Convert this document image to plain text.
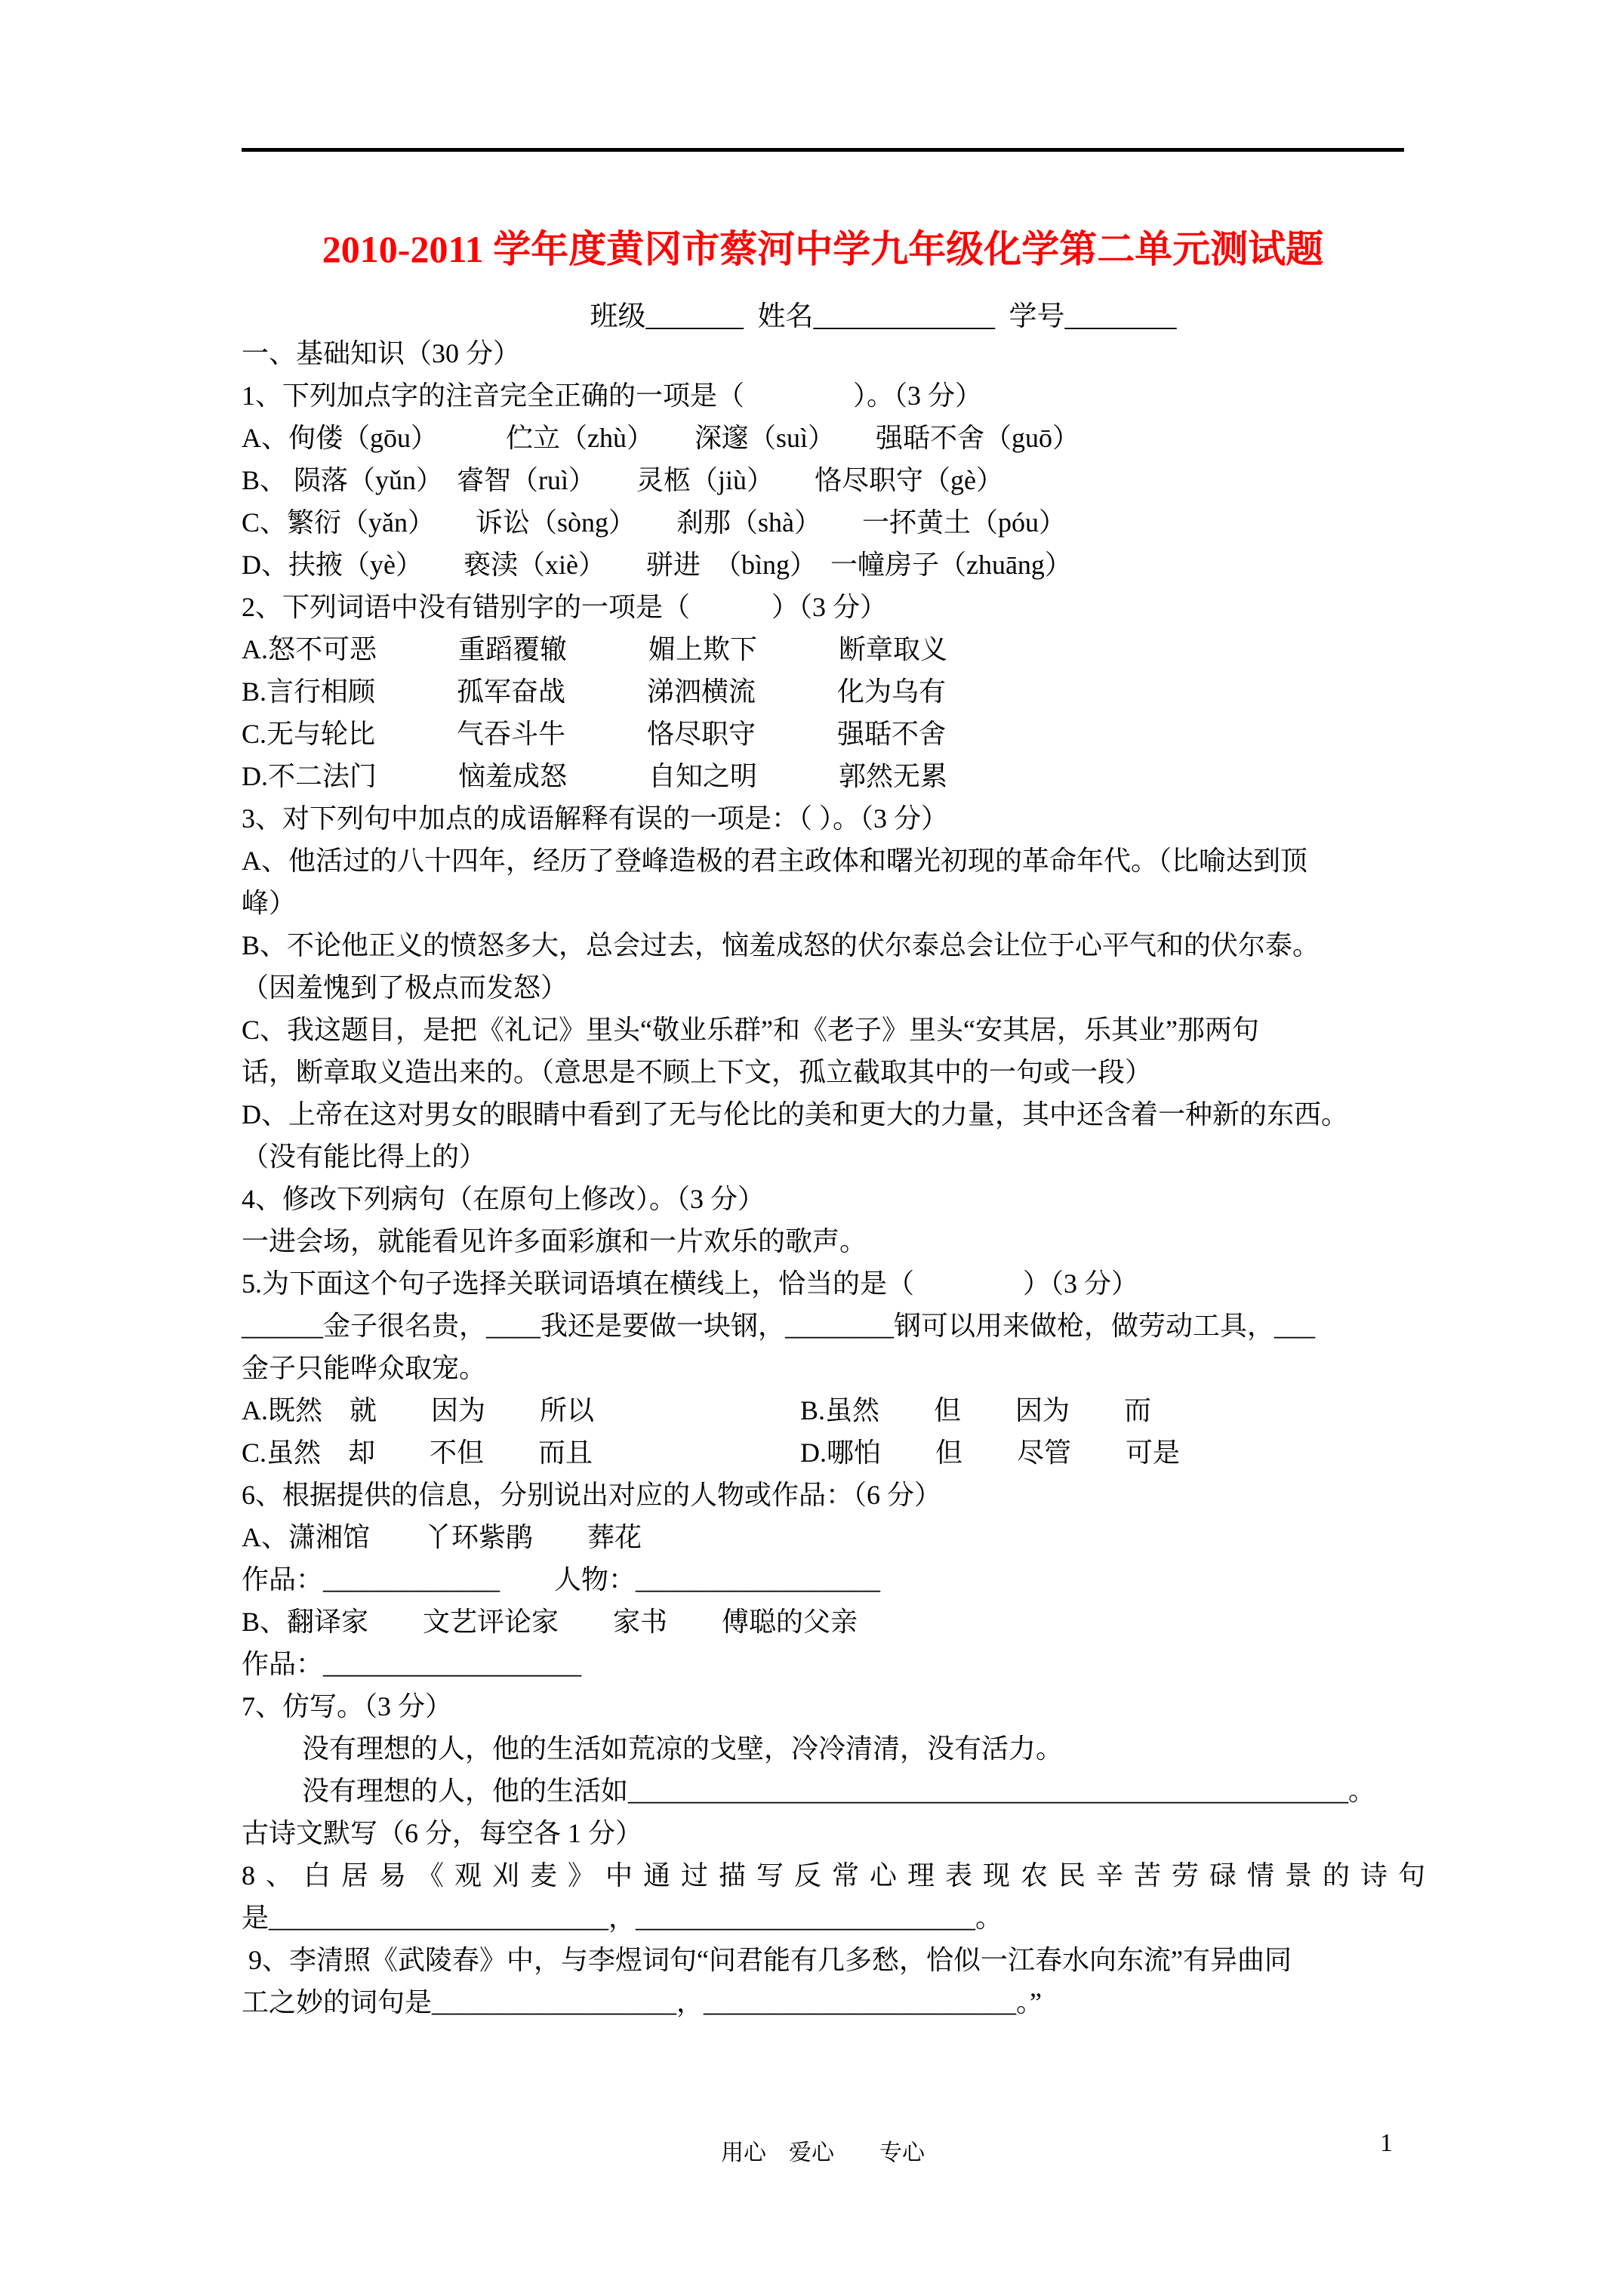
2010-2011 学年度黄冈市蔡河中学九年级化学第二单元测试题
班级_______  姓名_____________  学号________
一、基础知识（30 分）
1、下列加点字的注音完全正确的一项是（　　　　）。（3 分）
A、佝偻（gōu）　　　伫立（zhù）　　深邃（suì）　　强聒不舍（guō）
B、 陨落（yǔn）　睿智（ruì）　　灵柩（jiù）　　恪尽职守（gè）
C、繁衍（yǎn）　　诉讼（sòng）　　刹那（shà）　　一抔黄土（póu）
D、扶掖（yè）　　亵渎（xiè）　　骈进　（bìng）　一幢房子（zhuāng）
2、下列词语中没有错别字的一项是（　　　）（3 分）
A.怒不可恶　　　重蹈覆辙　　　媚上欺下　　　断章取义
B.言行相顾　　　孤军奋战　　　涕泗横流　　　化为乌有
C.无与轮比　　　气吞斗牛　　　恪尽职守　　　强聒不舍
D.不二法门　　　恼羞成怒　　　自知之明　　　郭然无累
3、对下列句中加点的成语解释有误的一项是：（ ）。（3 分）
A、他活过的八十四年，经历了登峰造极的君主政体和曙光初现的革命年代。（比喻达到顶
峰）
B、不论他正义的愤怒多大，总会过去，恼羞成怒的伏尔泰总会让位于心平气和的伏尔泰。
（因羞愧到了极点而发怒）
C、我这题目，是把《礼记》里头“敬业乐群”和《老子》里头“安其居，乐其业”那两句
话，断章取义造出来的。（意思是不顾上下文，孤立截取其中的一句或一段）
D、上帝在这对男女的眼睛中看到了无与伦比的美和更大的力量，其中还含着一种新的东西。
（没有能比得上的）
4、修改下列病句（在原句上修改）。（3 分）
一进会场，就能看见许多面彩旗和一片欢乐的歌声。
5.为下面这个句子选择关联词语填在横线上，恰当的是（　　　　）（3 分）
______金子很名贵，____我还是要做一块钢，________钢可以用来做枪，做劳动工具，___
金子只能哗众取宠。
A.既然　就　　因为　　所以	B.虽然　　但　　因为　　而
C.虽然　却　　不但　　而且	D.哪怕　　但　　尽管　　可是
6、根据提供的信息，分别说出对应的人物或作品：（6 分）
A、潇湘馆　　丫环紫鹃　　葬花
作品：_____________　　人物：__________________
B、翻译家　　文艺评论家　　家书　　傅聪的父亲
作品：___________________
7、仿写。（3 分）
没有理想的人，他的生活如荒凉的戈壁，冷冷清清，没有活力。
没有理想的人，他的生活如_____________________________________________________。
古诗文默写（6 分，每空各 1 分）
8、白居易《观刈麦》中通过描写反常心理表现农民辛苦劳碌情景的诗句
是_________________________，_________________________。
9、李清照《武陵春》中，与李煜词句“问君能有几多愁，恰似一江春水向东流”有异曲同
工之妙的词句是__________________，_______________________。”
用心　爱心　　专心	1
